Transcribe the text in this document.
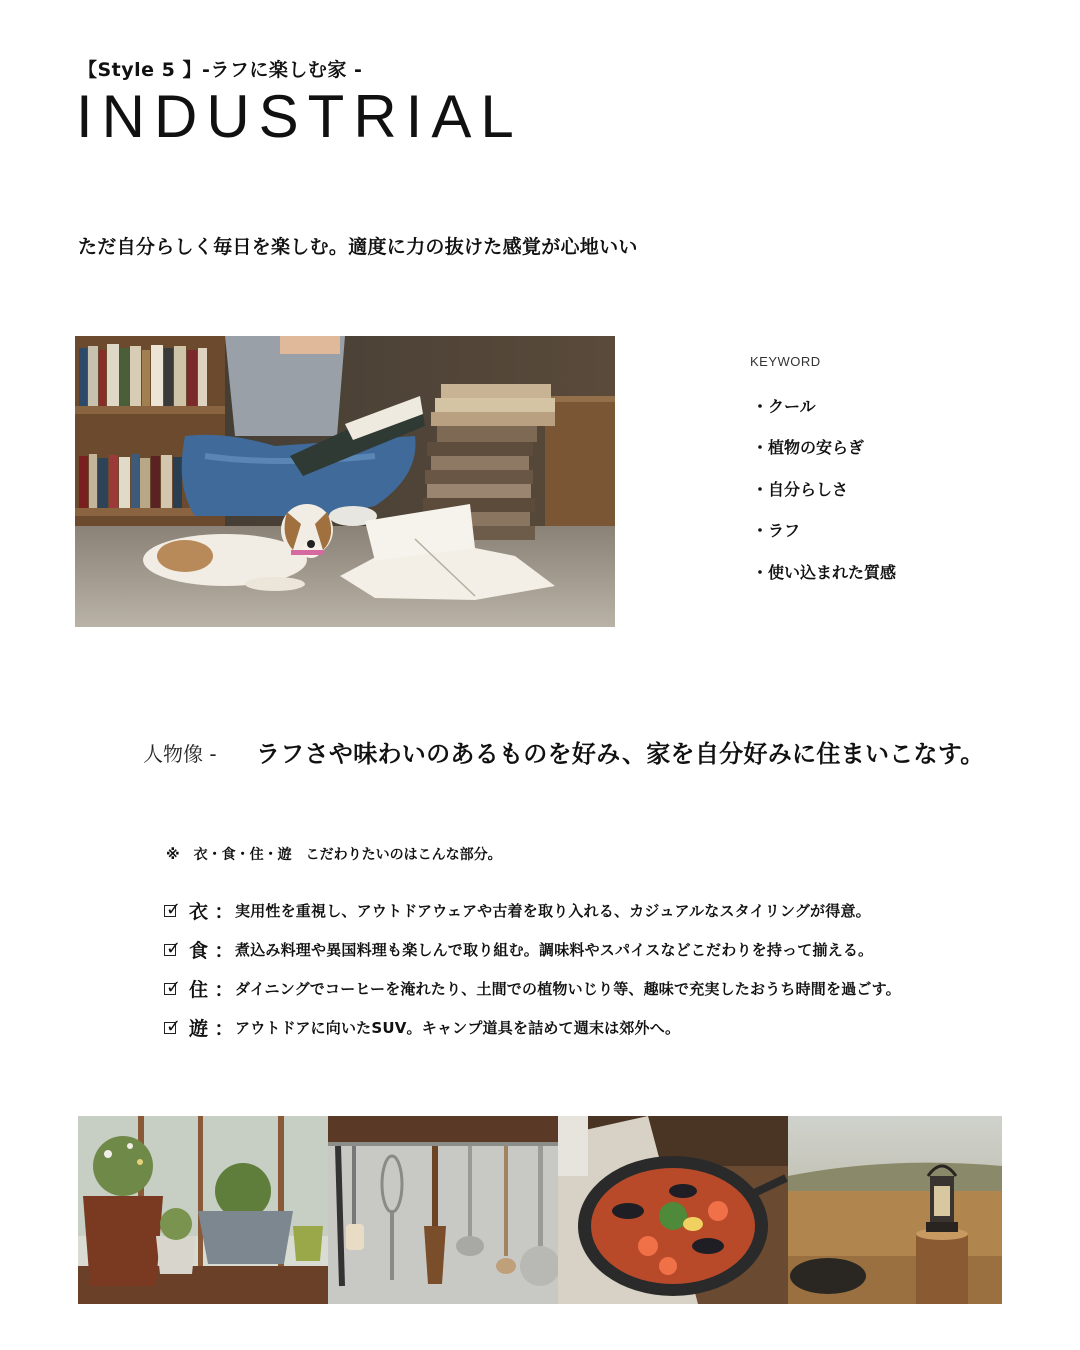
【Style 5 】-ラフに楽しむ家 -
INDUSTRIAL
ただ自分らしく毎日を楽しむ。適度に力の抜けた感覚が心地いい
KEYWORD
・クール
・植物の安らぎ
・自分らしさ
・ラフ
・使い込まれた質感
人物像 - ラフさや味わいのあるものを好み、家を自分好みに住まいこなす。
※　衣・食・住・遊　こだわりたいのはこんな部分。
✓ 衣 ： 実用性を重視し、アウトドアウェアや古着を取り入れる、カジュアルなスタイリングが得意。
✓ 食 ： 煮込み料理や異国料理も楽しんで取り組む。調味料やスパイスなどこだわりを持って揃える。
✓ 住 ： ダイニングでコーヒーを淹れたり、土間での植物いじり等、趣味で充実したおうち時間を過ごす。
✓ 遊 ： アウトドアに向いたSUV。キャンプ道具を詰めて週末は郊外へ。
